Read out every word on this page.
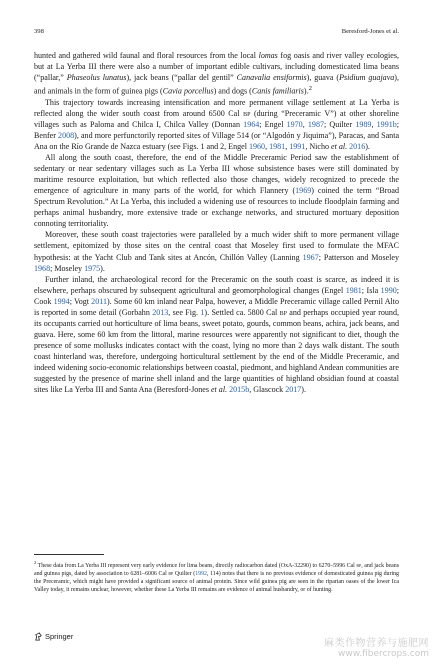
398	Beresford-Jones et al.

hunted and gathered wild faunal and floral resources from the local lomas fog oasis and river valley ecologies, but at La Yerba III there were also a number of important edible cultivars, including domesticated lima beans (“pallar,” Phaseolus lunatus), jack beans (“pallar del gentil” Canavalia ensiformis), guava (Psidium guajava), and animals in the form of guinea pigs (Cavia porcellus) and dogs (Canis familiaris).$^2$

This trajectory towards increasing intensification and more permanent village settlement at La Yerba is reflected along the wider south coast from around 6500 Cal bp (during “Preceramic V”) at other shoreline villages such as Paloma and Chilca I, Chilca Valley (Donnan 1964; Engel 1970, 1987; Quilter 1989, 1991b; Benfer 2008), and more perfunctorily reported sites of Village 514 (or “Algodón y Jiquima”), Paracas, and Santa Ana on the Río Grande de Nazca estuary (see Figs. 1 and 2, Engel 1960, 1981, 1991, Nicho et al. 2016).

All along the south coast, therefore, the end of the Middle Preceramic Period saw the establishment of sedentary or near sedentary villages such as La Yerba III whose subsistence bases were still dominated by maritime resource exploitation, but which reflected also those changes, widely recognized to precede the emergence of agriculture in many parts of the world, for which Flannery (1969) coined the term “Broad Spectrum Revolution.” At La Yerba, this included a widening use of resources to include floodplain farming and perhaps animal husbandry, more extensive trade or exchange networks, and structured mortuary deposition connoting territoriality.

Moreover, these south coast trajectories were paralleled by a much wider shift to more permanent village settlement, epitomized by those sites on the central coast that Moseley first used to formulate the MFAC hypothesis: at the Yacht Club and Tank sites at Ancón, Chillón Valley (Lanning 1967; Patterson and Moseley 1968; Moseley 1975).

Further inland, the archaeological record for the Preceramic on the south coast is scarce, as indeed it is elsewhere, perhaps obscured by subsequent agricultural and geomorphological changes (Engel 1981; Isla 1990; Cook 1994; Vogt 2011). Some 60 km inland near Palpa, however, a Middle Preceramic village called Pernil Alto is reported in some detail (Gorbahn 2013, see Fig. 1). Settled ca. 5800 Cal bp and perhaps occupied year round, its occupants carried out horticulture of lima beans, sweet potato, gourds, common beans, achira, jack beans, and guava. Here, some 60 km from the littoral, marine resources were apparently not significant to diet, though the presence of some mollusks indicates contact with the coast, lying no more than 2 days walk distant. The south coast hinterland was, therefore, undergoing horticultural settlement by the end of the Middle Preceramic, and indeed widening socio-economic relationships between coastal, piedmont, and highland Andean communities are suggested by the presence of marine shell inland and the large quantities of highland obsidian found at coastal sites like La Yerba III and Santa Ana (Beresford-Jones et al. 2015b, Glascock 2017).

$^2$ These data from La Yerba III represent very early evidence for lima beans, directly radiocarbon dated (OxA-32290) to 6270–5996 Cal bp, and jack beans and guinea pigs, dated by association to 6281–6006 Cal bp Quilter (1992, 114) notes that there is no previous evidence of domesticated guinea pig during the Preceramic, which might have provided a significant source of animal protein. Since wild guinea pig are seen in the riparian oases of the lower Ica Valley today, it remains unclear, however, whether these La Yerba III remains are evidence of animal husbandry, or of hunting.
Springer
麻类作物营养与施肥网
www.fibercrops.com
